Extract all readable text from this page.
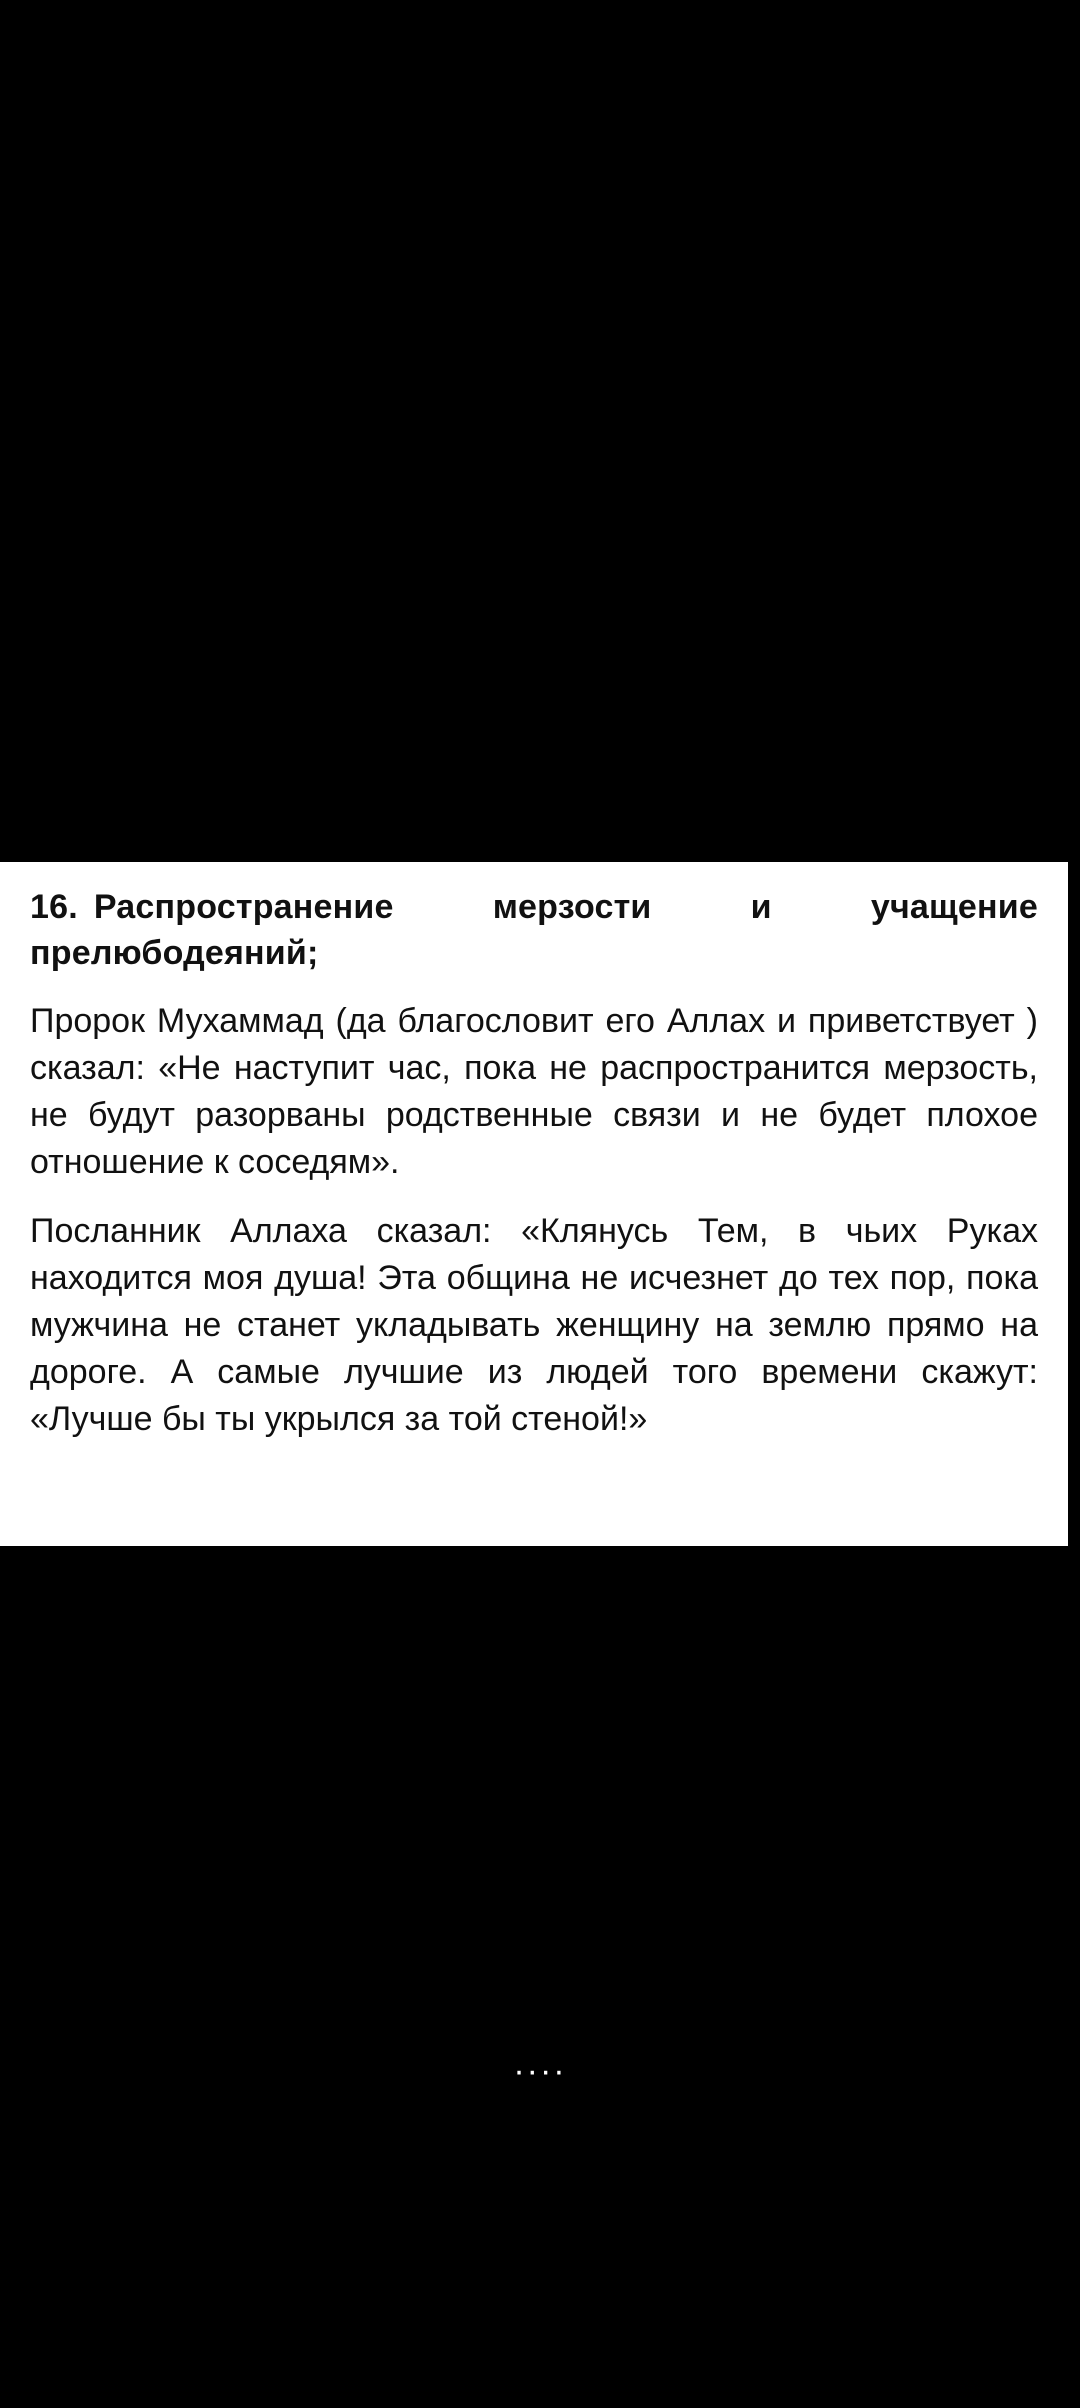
16. Распространение мерзости и учащение прелюбодеяний;

Пророк Мухаммад (да благословит его Аллах и приветствует ) сказал: «Не наступит час, пока не распространится мерзость, не будут разорваны родственные связи и не будет плохое отношение к соседям».

Посланник Аллаха сказал: «Клянусь Тем, в чьих Руках находится моя душа! Эта община не исчезнет до тех пор, пока мужчина не станет укладывать женщину на землю прямо на дороге. А самые лучшие из людей того времени скажут: «Лучше бы ты укрылся за той стеной!»

····
